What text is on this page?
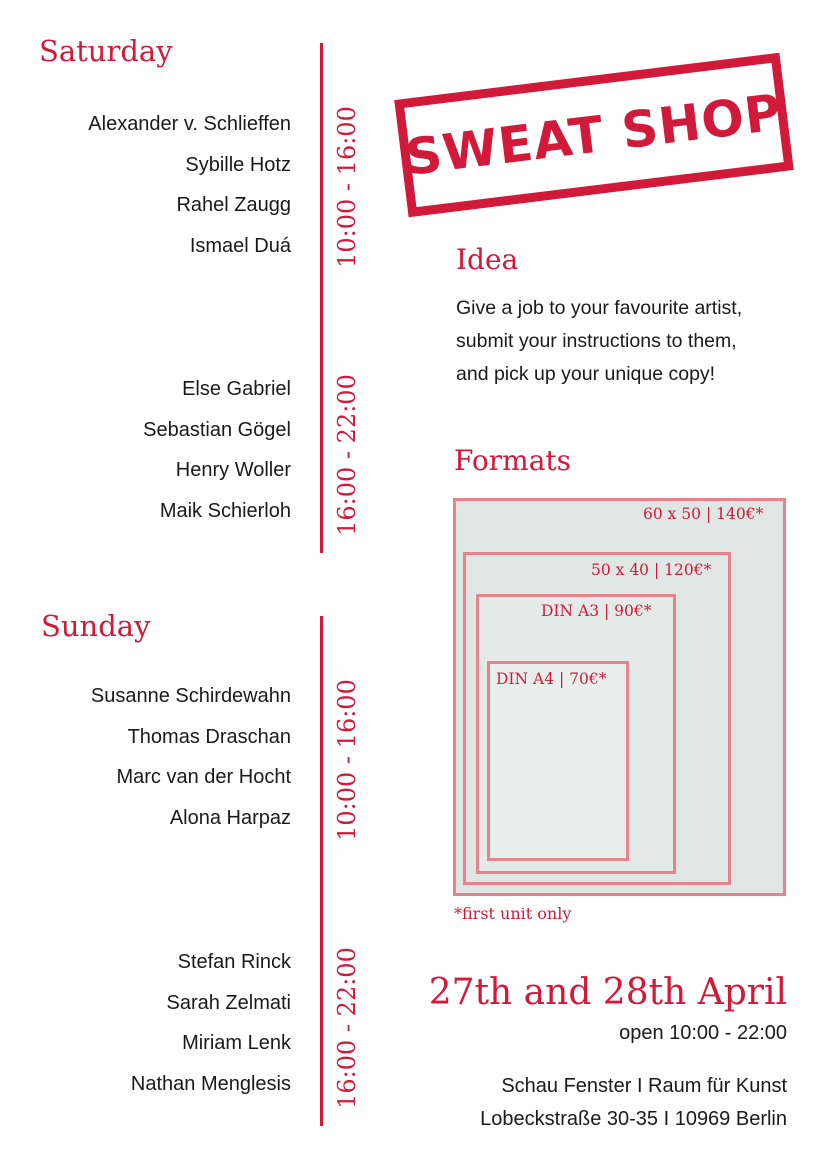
Saturday
Alexander v. Schlieffen
Sybille Hotz
Rahel Zaugg
Ismael Duá 10:00 - 16:00
Else Gabriel
Sebastian Gögel
Henry Woller
Maik Schierloh 16:00 - 22:00
Sunday
Susanne Schirdewahn
Thomas Draschan
Marc van der Hocht
Alona Harpaz 10:00 - 16:00
Stefan Rinck
Sarah Zelmati
Miriam Lenk
Nathan Menglesis 16:00 - 22:00
SWEAT SHOP
Idea
Give a job to your favourite artist,
submit your instructions to them,
and pick up your unique copy!
Formats
60 x 50 | 140€*
50 x 40 | 120€*
DIN A3 | 90€*
DIN A4 | 70€*
*first unit only
27th and 28th April
open 10:00 - 22:00
Schau Fenster I Raum für Kunst
Lobeckstraße 30-35 I 10969 Berlin
